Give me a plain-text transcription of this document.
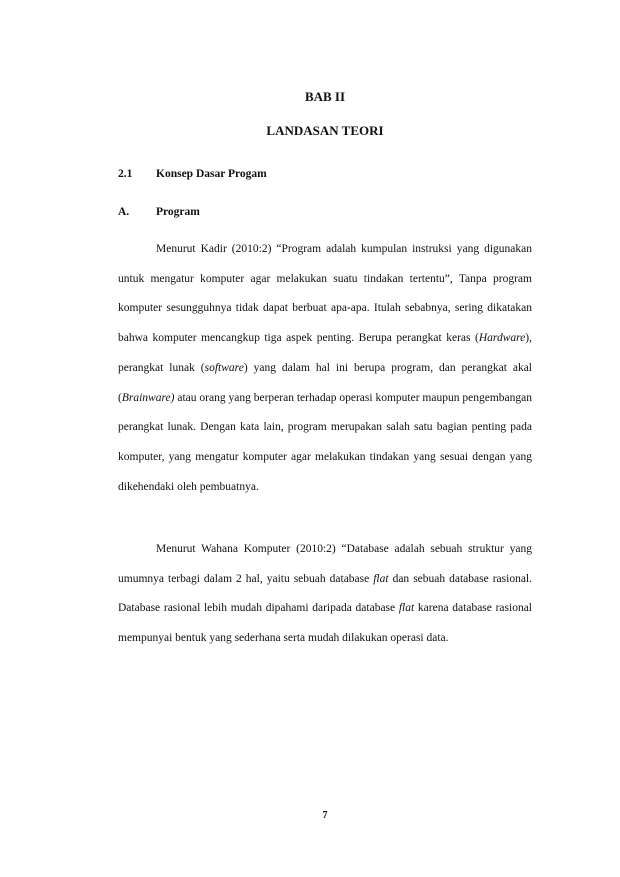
BAB II
LANDASAN TEORI
2.1 Konsep Dasar Progam
A. Program

Menurut Kadir (2010:2) “Program adalah kumpulan instruksi yang digunakan untuk mengatur komputer agar melakukan suatu tindakan tertentu”, Tanpa program komputer sesungguhnya tidak dapat berbuat apa-apa. Itulah sebabnya, sering dikatakan bahwa komputer mencangkup tiga aspek penting. Berupa perangkat keras (Hardware), perangkat lunak (software) yang dalam hal ini berupa program, dan perangkat akal (Brainware) atau orang yang berperan terhadap operasi komputer maupun pengembangan perangkat lunak. Dengan kata lain, program merupakan salah satu bagian penting pada komputer, yang mengatur komputer agar melakukan tindakan yang sesuai dengan yang dikehendaki oleh pembuatnya.

Menurut Wahana Komputer (2010:2) “Database adalah sebuah struktur yang umumnya terbagi dalam 2 hal, yaitu sebuah database flat dan sebuah database rasional. Database rasional lebih mudah dipahami daripada database flat karena database rasional mempunyai bentuk yang sederhana serta mudah dilakukan operasi data.

7
